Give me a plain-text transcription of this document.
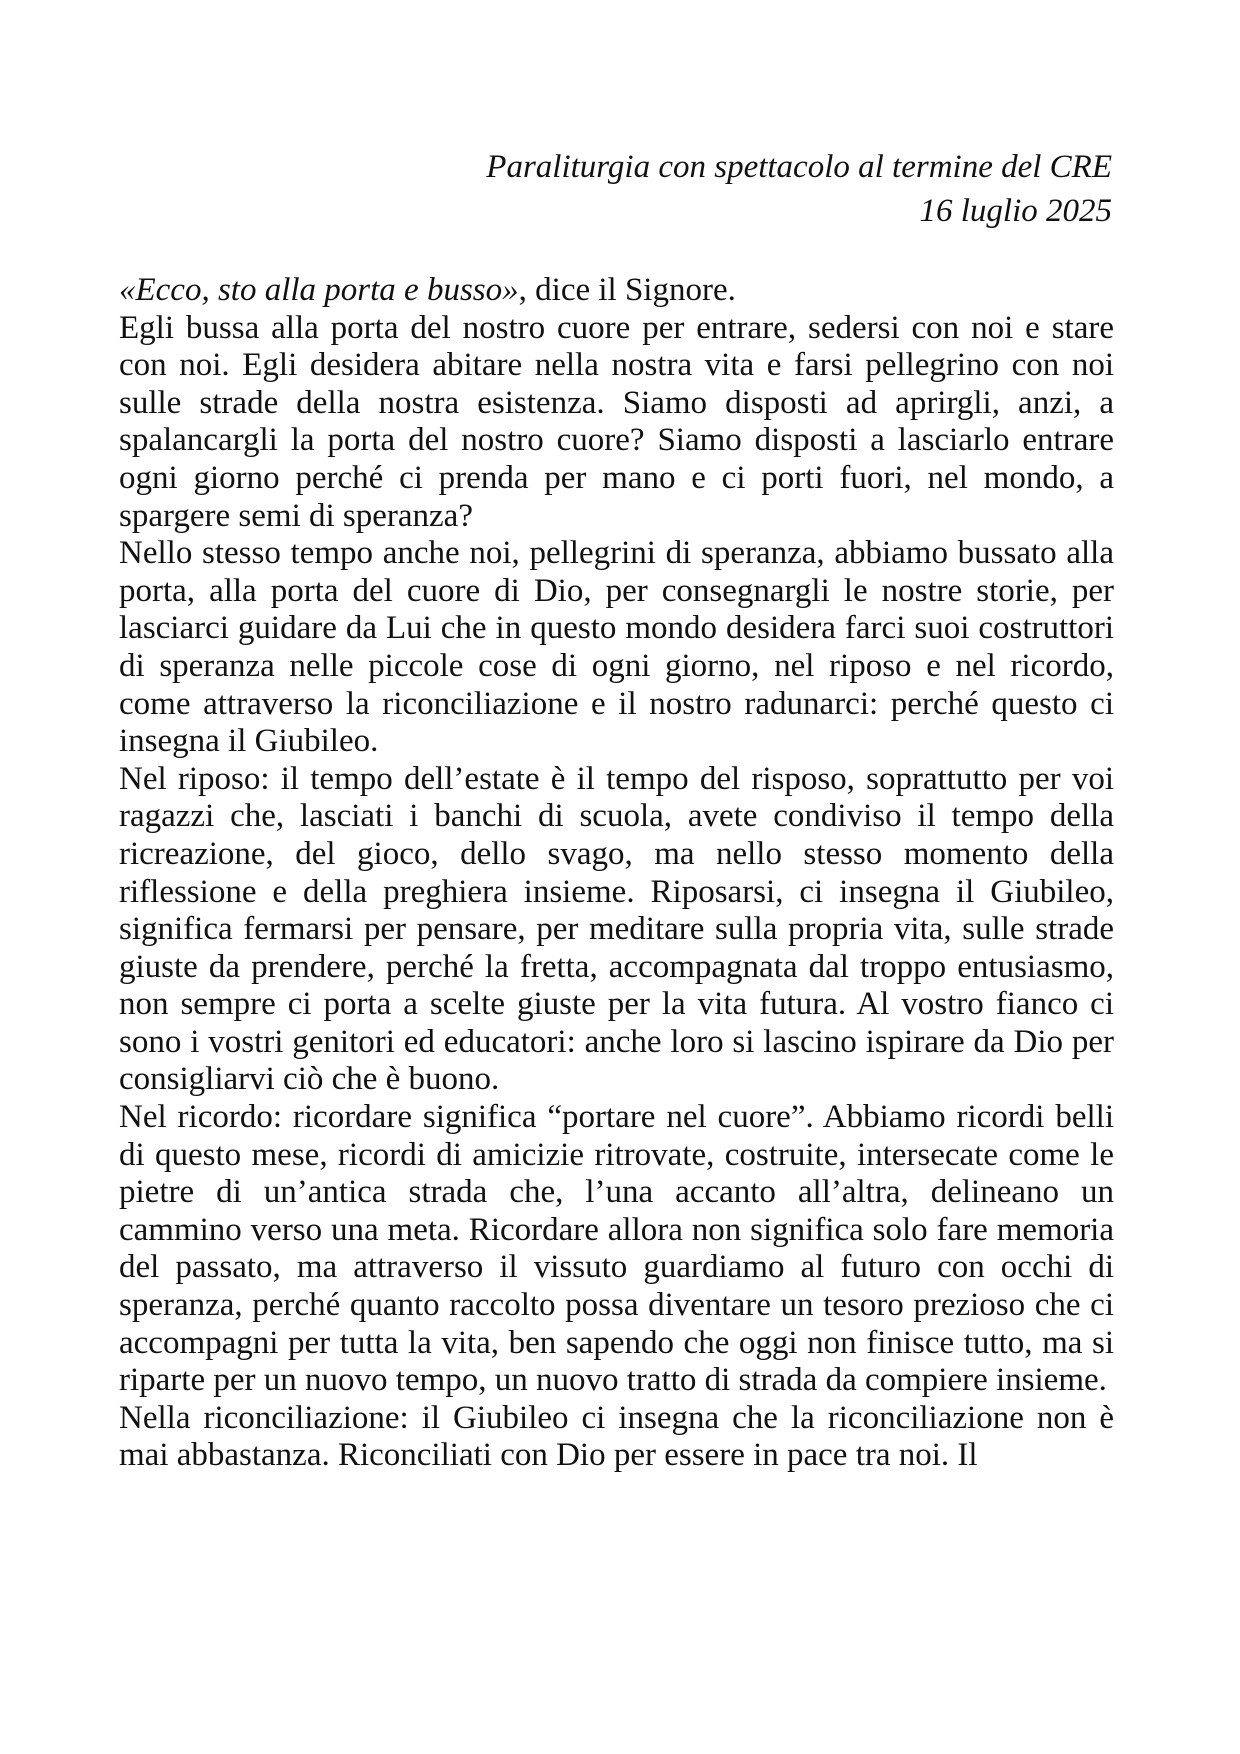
Paraliturgia con spettacolo al termine del CRE
16 luglio 2025

«Ecco, sto alla porta e busso», dice il Signore.

Egli bussa alla porta del nostro cuore per entrare, sedersi con noi e stare con noi. Egli desidera abitare nella nostra vita e farsi pellegrino con noi sulle strade della nostra esistenza. Siamo disposti ad aprirgli, anzi, a spalancargli la porta del nostro cuore? Siamo disposti a lasciarlo entrare ogni giorno perché ci prenda per mano e ci porti fuori, nel mondo, a spargere semi di speranza?

Nello stesso tempo anche noi, pellegrini di speranza, abbiamo bussato alla porta, alla porta del cuore di Dio, per consegnargli le nostre storie, per lasciarci guidare da Lui che in questo mondo desidera farci suoi costruttori di speranza nelle piccole cose di ogni giorno, nel riposo e nel ricordo, come attraverso la riconciliazione e il nostro radunarci: perché questo ci insegna il Giubileo.

Nel riposo: il tempo dell’estate è il tempo del risposo, soprattutto per voi ragazzi che, lasciati i banchi di scuola, avete condiviso il tempo della ricreazione, del gioco, dello svago, ma nello stesso momento della riflessione e della preghiera insieme. Riposarsi, ci insegna il Giubileo, significa fermarsi per pensare, per meditare sulla propria vita, sulle strade giuste da prendere, perché la fretta, accompagnata dal troppo entusiasmo, non sempre ci porta a scelte giuste per la vita futura. Al vostro fianco ci sono i vostri genitori ed educatori: anche loro si lascino ispirare da Dio per consigliarvi ciò che è buono.

Nel ricordo: ricordare significa “portare nel cuore”. Abbiamo ricordi belli di questo mese, ricordi di amicizie ritrovate, costruite, intersecate come le pietre di un’antica strada che, l’una accanto all’altra, delineano un cammino verso una meta. Ricordare allora non significa solo fare memoria del passato, ma attraverso il vissuto guardiamo al futuro con occhi di speranza, perché quanto raccolto possa diventare un tesoro prezioso che ci accompagni per tutta la vita, ben sapendo che oggi non finisce tutto, ma si riparte per un nuovo tempo, un nuovo tratto di strada da compiere insieme.

Nella riconciliazione: il Giubileo ci insegna che la riconciliazione non è mai abbastanza. Riconciliati con Dio per essere in pace tra noi. Il
